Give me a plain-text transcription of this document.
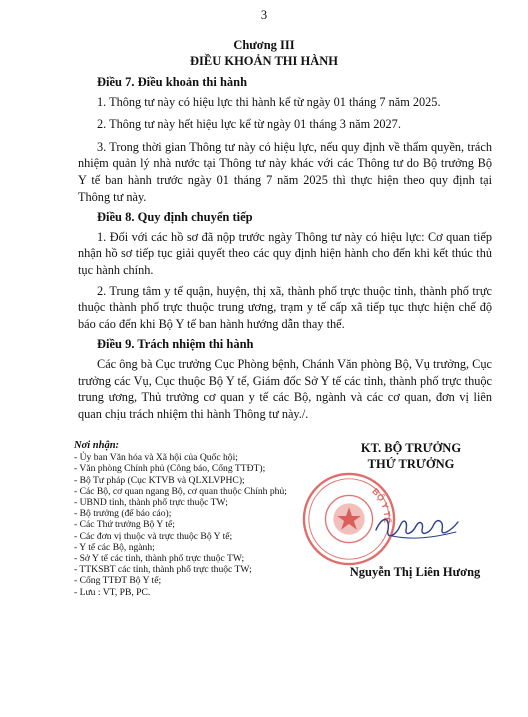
3
Chương III
ĐIỀU KHOẢN THI HÀNH
Điều 7. Điều khoản thi hành

1. Thông tư này có hiệu lực thi hành kể từ ngày 01 tháng 7 năm 2025.

2. Thông tư này hết hiệu lực kể từ ngày 01 tháng 3 năm 2027.

3. Trong thời gian Thông tư này có hiệu lực, nếu quy định về thẩm quyền, trách nhiệm quản lý nhà nước tại Thông tư này khác với các Thông tư do Bộ trưởng Bộ Y tế ban hành trước ngày 01 tháng 7 năm 2025 thì thực hiện theo quy định tại Thông tư này.

Điều 8. Quy định chuyển tiếp

1. Đối với các hồ sơ đã nộp trước ngày Thông tư này có hiệu lực: Cơ quan tiếp nhận hồ sơ tiếp tục giải quyết theo các quy định hiện hành cho đến khi kết thúc thủ tục hành chính.

2. Trung tâm y tế quận, huyện, thị xã, thành phố trực thuộc tỉnh, thành phố trực thuộc thành phố trực thuộc trung ương, trạm y tế cấp xã tiếp tục thực hiện chế độ báo cáo đến khi Bộ Y tế ban hành hướng dẫn thay thế.

Điều 9. Trách nhiệm thi hành

Các ông bà Cục trưởng Cục Phòng bệnh, Chánh Văn phòng Bộ, Vụ trưởng, Cục trưởng các Vụ, Cục thuộc Bộ Y tế, Giám đốc Sở Y tế các tỉnh, thành phố trực thuộc trung ương, Thủ trưởng cơ quan y tế các Bộ, ngành và các cơ quan, đơn vị liên quan chịu trách nhiệm thi hành Thông tư này./.

Nơi nhận:
- Ủy ban Văn hóa và Xã hội của Quốc hội;
- Văn phòng Chính phủ (Công báo, Cổng TTĐT);
- Bộ Tư pháp (Cục KTVB và QLXLVPHC);
- Các Bộ, cơ quan ngang Bộ, cơ quan thuộc Chính phủ;
- UBND tỉnh, thành phố trực thuộc TW;
- Bộ trưởng (để báo cáo);
- Các Thứ trưởng Bộ Y tế;
- Các đơn vị thuộc và trực thuộc Bộ Y tế;
- Y tế các Bộ, ngành;
- Sở Y tế các tỉnh, thành phố trực thuộc TW;
- TTKSBT các tỉnh, thành phố trực thuộc TW;
- Cổng TTĐT Bộ Y tế;
- Lưu : VT, PB, PC.
KT. BỘ TRƯỞNG
THỨ TRƯỞNG
BỘ Y TẾ
Nguyễn Thị Liên Hương
